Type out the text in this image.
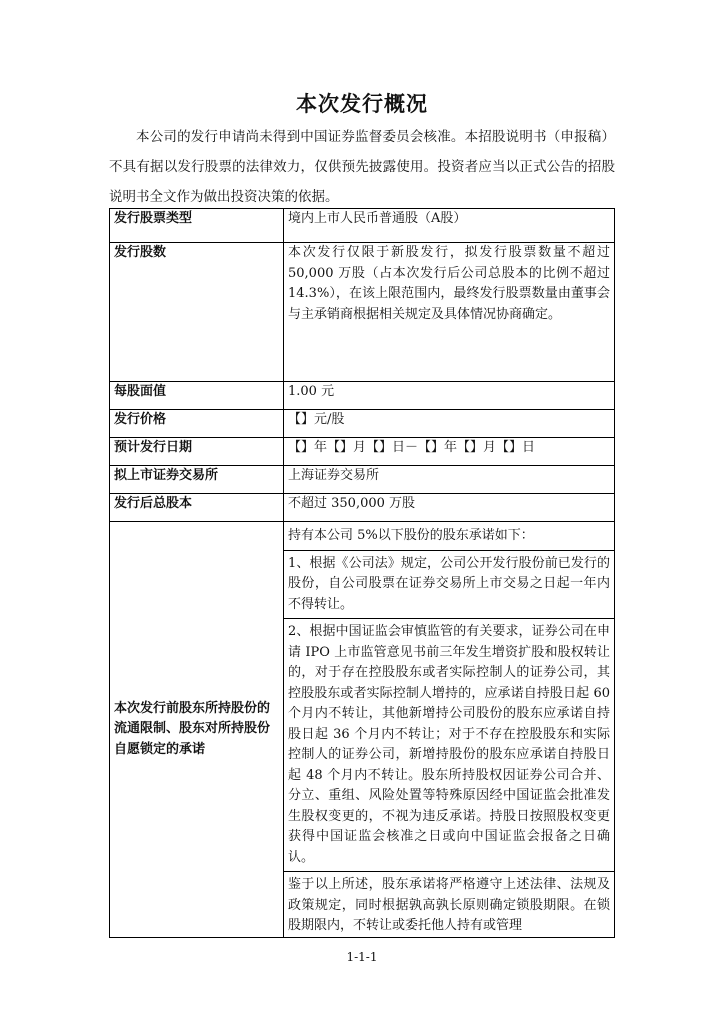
本次发行概况

本公司的发行申请尚未得到中国证券监督委员会核准。本招股说明书（申报稿）不具有据以发行股票的法律效力，仅供预先披露使用。投资者应当以正式公告的招股说明书全文作为做出投资决策的依据。

发行股票类型	境内上市人民币普通股（A股）
发行股数	本次发行仅限于新股发行，拟发行股票数量不超过50,000 万股（占本次发行后公司总股本的比例不超过 14.3%），在该上限范围内，最终发行股票数量由董事会与主承销商根据相关规定及具体情况协商确定。
每股面值	1.00 元
发行价格	【】元/股
预计发行日期	【】年【】月【】日－【】年【】月【】日
拟上市证券交易所	上海证券交易所
发行后总股本	不超过 350,000 万股
本次发行前股东所持股份的流通限制、股东对所持股份自愿锁定的承诺	持有本公司 5%以下股份的股东承诺如下：
1、根据《公司法》规定，公司公开发行股份前已发行的股份，自公司股票在证券交易所上市交易之日起一年内不得转让。
2、根据中国证监会审慎监管的有关要求，证券公司在申请 IPO 上市监管意见书前三年发生增资扩股和股权转让的，对于存在控股股东或者实际控制人的证券公司，其控股股东或者实际控制人增持的，应承诺自持股日起 60 个月内不转让，其他新增持公司股份的股东应承诺自持股日起 36 个月内不转让；对于不存在控股股东和实际控制人的证券公司，新增持股份的股东应承诺自持股日起 48 个月内不转让。股东所持股权因证券公司合并、分立、重组、风险处置等特殊原因经中国证监会批准发生股权变更的，不视为违反承诺。持股日按照股权变更获得中国证监会核准之日或向中国证监会报备之日确认。
鉴于以上所述，股东承诺将严格遵守上述法律、法规及政策规定，同时根据孰高孰长原则确定锁股期限。在锁股期限内，不转让或委托他人持有或管理
1-1-1
